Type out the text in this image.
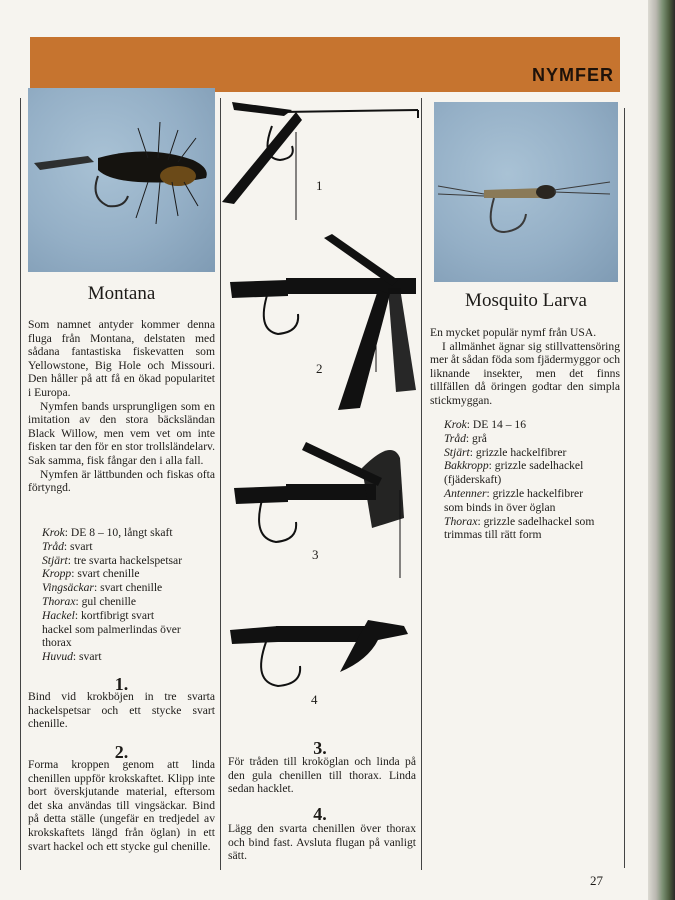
NYMFER
Montana

Som namnet antyder kommer denna fluga från Montana, delstaten med sådana fantastiska fiskevatten som Yellowstone, Big Hole och Missouri. Den håller på att få en ökad popularitet i Europa.

Nymfen bands ursprungligen som en imitation av den stora bäcksländan Black Willow, men vem vet om inte fisken tar den för en stor trollsländelarv. Sak samma, fisk fångar den i alla fall.

Nymfen är lättbunden och fiskas ofta förtyngd.

Krok: DE 8 – 10, långt skaft
Tråd: svart
Stjärt: tre svarta hackelspetsar
Kropp: svart chenille
Vingsäckar: svart chenille
Thorax: gul chenille
Hackel: kortfibrigt svart hackel som palmerlindas över thorax
Huvud: svart
1.
Bind vid krokböjen in tre svarta hackelspetsar och ett stycke svart chenille.
2.
Forma kroppen genom att linda chenillen uppför krokskaftet. Klipp inte bort överskjutande material, eftersom det ska användas till vingsäckar. Bind på detta ställe (ungefär en tredjedel av krokskaftets längd från öglan) in ett svart hackel och ett stycke gul chenille.
1
2
3
4
3.
För tråden till kroköglan och linda på den gula chenillen till thorax. Linda sedan hacklet.
4.
Lägg den svarta chenillen över thorax och bind fast. Avsluta flugan på vanligt sätt.
Mosquito Larva

En mycket populär nymf från USA.

I allmänhet ägnar sig stillvattensöring mer åt sådan föda som fjädermyggor och liknande insekter, men det finns tillfällen då öringen godtar den simpla stickmyggan.

Krok: DE 14 – 16
Tråd: grå
Stjärt: grizzle hackelfibrer
Bakkropp: grizzle sadelhackel (fjäderskaft)
Antenner: grizzle hackelfibrer som binds in över öglan
Thorax: grizzle sadelhackel som trimmas till rätt form
27
